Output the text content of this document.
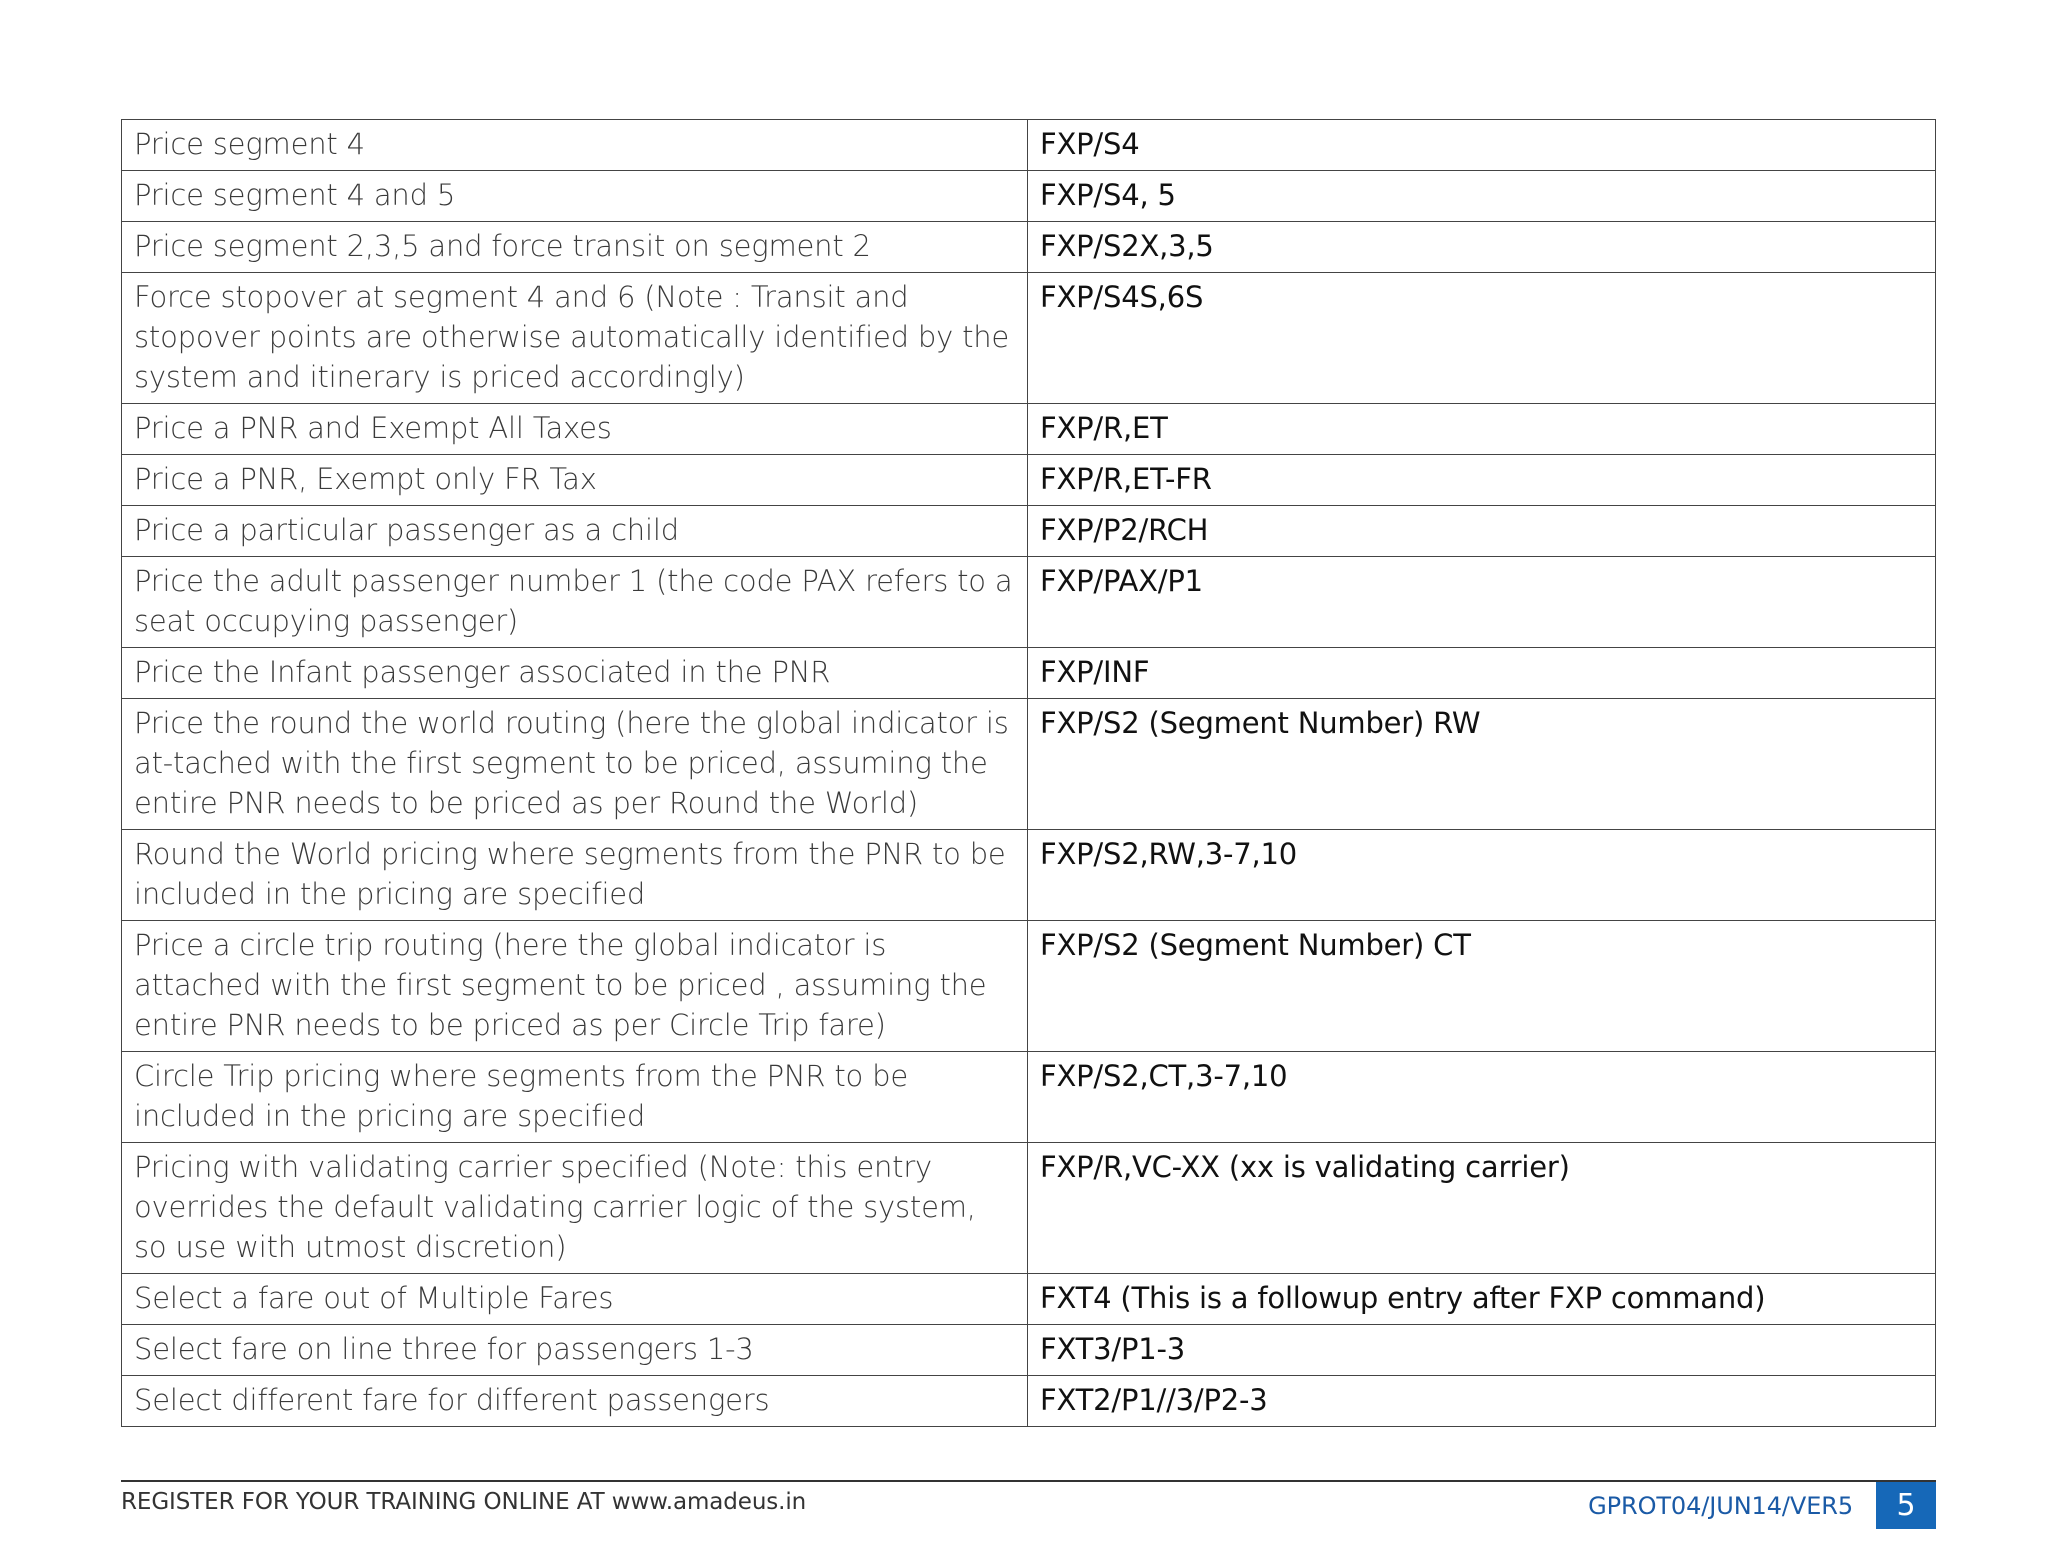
Price segment 4	FXP/S4
Price segment 4 and 5	FXP/S4, 5
Price segment 2,3,5 and force transit on segment 2	FXP/S2X,3,5
Force stopover at segment 4 and 6 (Note : Transit and stopover points are otherwise automatically identified by the system and itinerary is priced accordingly)	FXP/S4S,6S
Price a PNR and Exempt All Taxes	FXP/R,ET
Price a PNR, Exempt only FR Tax	FXP/R,ET-FR
Price a particular passenger as a child	FXP/P2/RCH
Price the adult passenger number 1 (the code PAX refers to a seat occupying passenger)	FXP/PAX/P1
Price the Infant passenger associated in the PNR	FXP/INF
Price the round the world routing (here the global indicator is at-tached with the first segment to be priced, assuming the entire PNR needs to be priced as per Round the World)	FXP/S2 (Segment Number) RW
Round the World pricing where segments from the PNR to be included in the pricing are specified	FXP/S2,RW,3-7,10
Price a circle trip routing (here the global indicator is attached with the first segment to be priced , assuming the entire PNR needs to be priced as per Circle Trip fare)	FXP/S2 (Segment Number) CT
Circle Trip pricing where segments from the PNR to be included in the pricing are specified	FXP/S2,CT,3-7,10
Pricing with validating carrier specified (Note: this entry overrides the default validating carrier logic of the system, so use with utmost discretion)	FXP/R,VC-XX (xx is validating carrier)
Select a fare out of Multiple Fares	FXT4 (This is a followup entry after FXP command)
Select fare on line three for passengers 1-3	FXT3/P1-3
Select different fare for different passengers	FXT2/P1//3/P2-3
REGISTER FOR YOUR TRAINING ONLINE AT www.amadeus.in	GPROT04/JUN14/VER5	5
